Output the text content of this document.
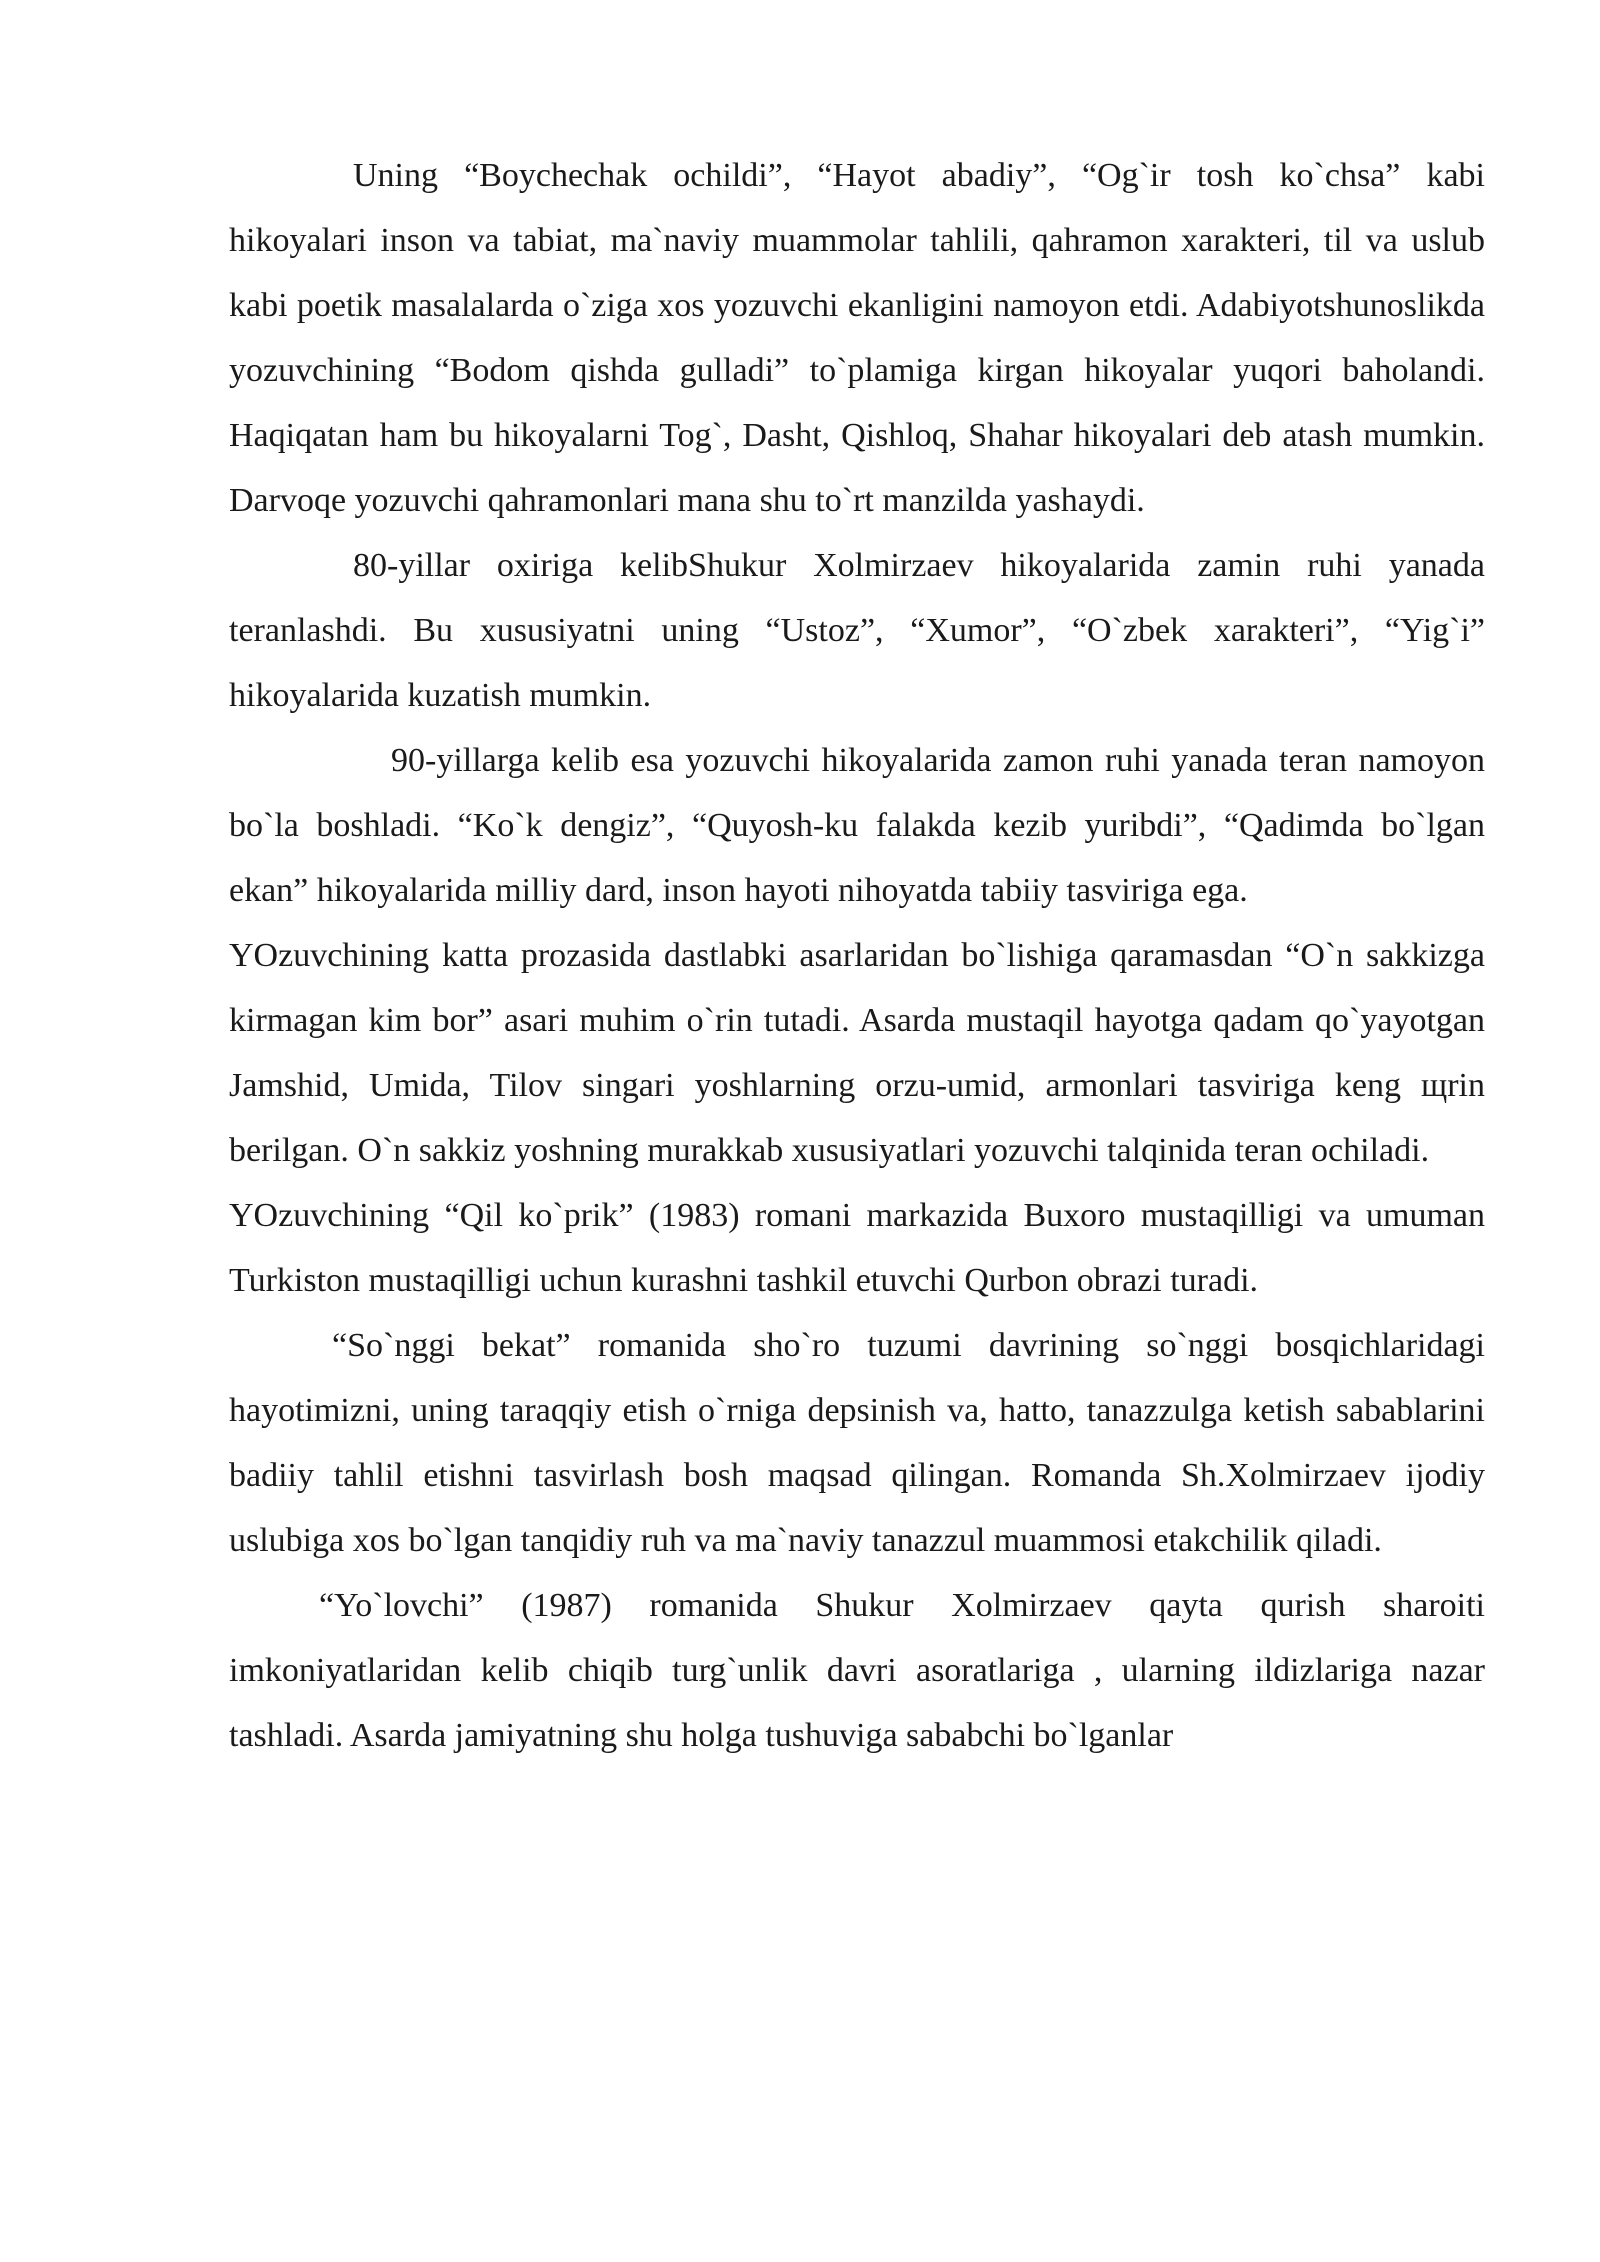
Uning “Boychechak ochildi”, “Hayot abadiy”, “Og`ir tosh ko`chsa” kabi hikoyalari inson va tabiat, ma`naviy muammolar tahlili, qahramon xarakteri, til va uslub kabi poetik masalalarda o`ziga xos yozuvchi ekanligini namoyon etdi. Adabiyotshunoslikda yozuvchining “Bodom qishda gulladi” to`plamiga kirgan hikoyalar yuqori baholandi. Haqiqatan ham bu hikoyalarni Tog`, Dasht, Qishloq, Shahar hikoyalari deb atash mumkin. Darvoqe yozuvchi qahramonlari mana shu to`rt manzilda yashaydi.

80-yillar oxiriga kelibShukur Xolmirzaev hikoyalarida zamin ruhi yanada teranlashdi. Bu xususiyatni uning “Ustoz”, “Xumor”, “O`zbek xarakteri”, “Yig`i” hikoyalarida kuzatish mumkin.

90-yillarga kelib esa yozuvchi hikoyalarida zamon ruhi yanada teran namoyon bo`la boshladi. “Ko`k dengiz”, “Quyosh-ku falakda kezib yuribdi”, “Qadimda bo`lgan ekan” hikoyalarida milliy dard, inson hayoti nihoyatda tabiiy tasviriga ega.

YOzuvchining katta prozasida dastlabki asarlaridan bo`lishiga qaramasdan “O`n sakkizga kirmagan kim bor” asari muhim o`rin tutadi. Asarda mustaqil hayotga qadam qo`yayotgan Jamshid, Umida, Tilov singari yoshlarning orzu-umid, armonlari tasviriga keng щrin berilgan. O`n sakkiz yoshning murakkab xususiyatlari yozuvchi talqinida teran ochiladi.

YOzuvchining “Qil ko`prik” (1983) romani markazida Buxoro mustaqilligi va umuman Turkiston mustaqilligi uchun kurashni tashkil etuvchi Qurbon obrazi turadi.

“So`nggi bekat” romanida sho`ro tuzumi davrining so`nggi bosqichlaridagi hayotimizni, uning taraqqiy etish o`rniga depsinish va, hatto, tanazzulga ketish sabablarini badiiy tahlil etishni tasvirlash bosh maqsad qilingan. Romanda Sh.Xolmirzaev ijodiy uslubiga xos bo`lgan tanqidiy ruh va ma`naviy tanazzul muammosi etakchilik qiladi.

“Yo`lovchi” (1987) romanida Shukur Xolmirzaev qayta qurish sharoiti imkoniyatlaridan kelib chiqib turg`unlik davri asoratlariga , ularning ildizlariga nazar tashladi. Asarda jamiyatning shu holga tushuviga sababchi bo`lganlar
